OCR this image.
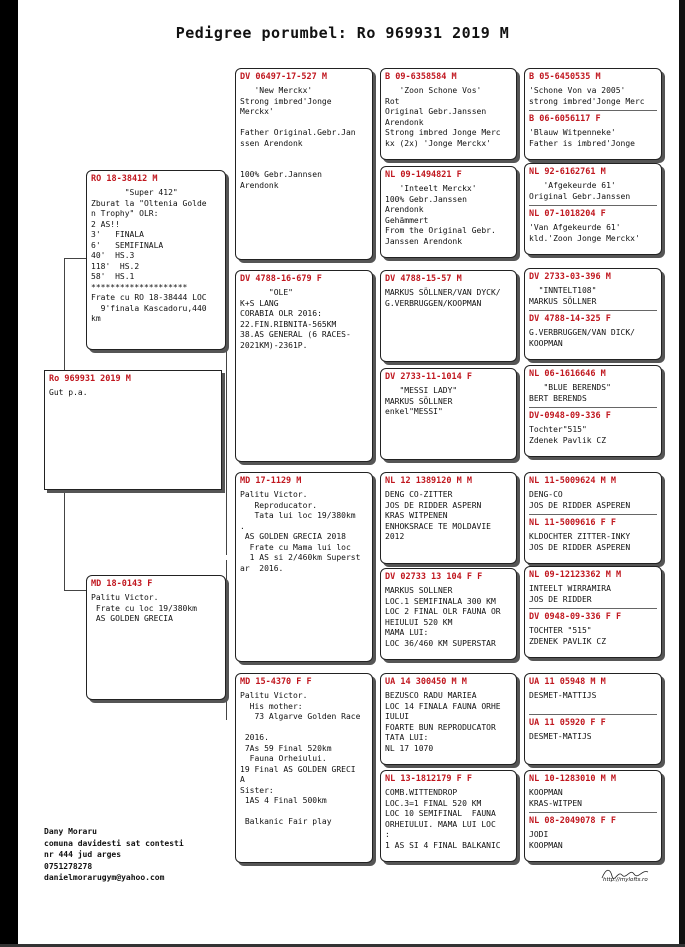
Pedigree porumbel: Ro 969931 2019 M
Ro 969931 2019 M
Gut p.a.
RO 18-38412 M
"Super 412"
Zburat la "Oltenia Golde
n Trophy" OLR:
2 AS!!
3'   FINALA
6'   SEMIFINALA
40'  HS.3
118'  HS.2
58'  HS.1
********************
Frate cu RO 18-38444 LOC
9'finala Kascadoru,440
km
MD 18-0143 F
Palitu Victor.
Frate cu loc 19/380km
AS GOLDEN GRECIA
DV 06497-17-527 M
'New Merckx'
Strong imbred'Jonge
Merckx'

Father Original.Gebr.Jan
ssen Arendonk

100% Gebr.Jannsen
Arendonk
DV 4788-16-679 F
"OLE"
K+S LANG
CORABIA OLR 2016:
22.FIN.RIBNITA-565KM
38.AS GENERAL (6 RACES-
2021KM)-2361P.
MD 17-1129 M
Palitu Victor.
Reproducator.
Tata lui loc 19/380km
.
AS GOLDEN GRECIA 2018
Frate cu Mama lui loc
1 AS si 2/460km Superst
ar  2016.
MD 15-4370 F F
Palitu Victor.
His mother:
73 Algarve Golden Race

2016.
7As 59 Final 520km
Fauna Orheiului.
19 Final AS GOLDEN GRECI
A
Sister:
1AS 4 Final 500km

Balkanic Fair play
B 09-6358584 M
'Zoon Schone Vos'
Rot
Original Gebr.Janssen
Arendonk
Strong imbred Jonge Merc
kx (2x) 'Jonge Merckx'
NL 09-1494821 F
'Inteelt Merckx'
100% Gebr.Janssen
Arendonk
Gehämmert
From the Original Gebr.
Janssen Arendonk
DV 4788-15-57 M
MARKUS SÖLLNER/VAN DYCK/
G.VERBRUGGEN/KOOPMAN
DV 2733-11-1014 F
"MESSI LADY"
MARKUS SÖLLNER
enkel"MESSI"
NL 12 1389120 M M
DENG CO-ZITTER
JOS DE RIDDER ASPERN
KRAS WITPENEN
ENHOKSRACE TE MOLDAVIE
2012
DV 02733 13 104 F F
MARKUS SOLLNER
LOC.1 SEMIFINALA 300 KM
LOC 2 FINAL OLR FAUNA OR
HEIULUI 520 KM
MAMA LUI:
LOC 36/460 KM SUPERSTAR
UA 14 300450 M M
BEZUSCO RADU MARIEA
LOC 14 FINALA FAUNA ORHE
IULUI
FOARTE BUN REPRODUCATOR
TATA LUI:
NL 17 1070
NL 13-1812179 F F
COMB.WITTENDROP
LOC.3=1 FINAL 520 KM
LOC 10 SEMIFINAL  FAUNA
ORHEIULUI. MAMA LUI LOC
:
1 AS SI 4 FINAL BALKANIC
B 05-6450535 M
'Schone Von va 2005'
strong imbred'Jonge Merc
B 06-6056117 F
'Blauw Witpenneke'
Father is imbred'Jonge
NL 92-6162761 M
'Afgekeurde 61'
Original Gebr.Janssen
NL 07-1018204 F
'Van Afgekeurde 61'
kld.'Zoon Jonge Merckx'
DV 2733-03-396 M
"INNTELT108"
MARKUS SÖLLNER
DV 4788-14-325 F
G.VERBRUGGEN/VAN DICK/
KOOPMAN
NL 06-1616646 M
"BLUE BERENDS"
BERT BERENDS
DV-0948-09-336 F
Tochter"515"
Zdenek Pavlik CZ
NL 11-5009624 M M
DENG-CO
JOS DE RIDDER ASPEREN
NL 11-5009616 F F
KLDOCHTER ZITTER-INKY
JOS DE RIDDER ASPEREN
NL 09-12123362 M M
INTEELT WIRRAMIRA
JOS DE RIDDER
DV 0948-09-336 F F
TOCHTER "515"
ZDENEK PAVLIK CZ
UA 11 05948 M M
DESMET-MATTIJS
UA 11 05920 F F
DESMET-MATIJS
NL 10-1283010 M M
KOOPMAN
KRAS-WITPEN
NL 08-2049078 F F
JODI
KOOPMAN
Dany Moraru
comuna davidesti sat contesti
nr 444 jud arges
0751278278
danielmorarugym@yahoo.com	http://mylofts.ro
